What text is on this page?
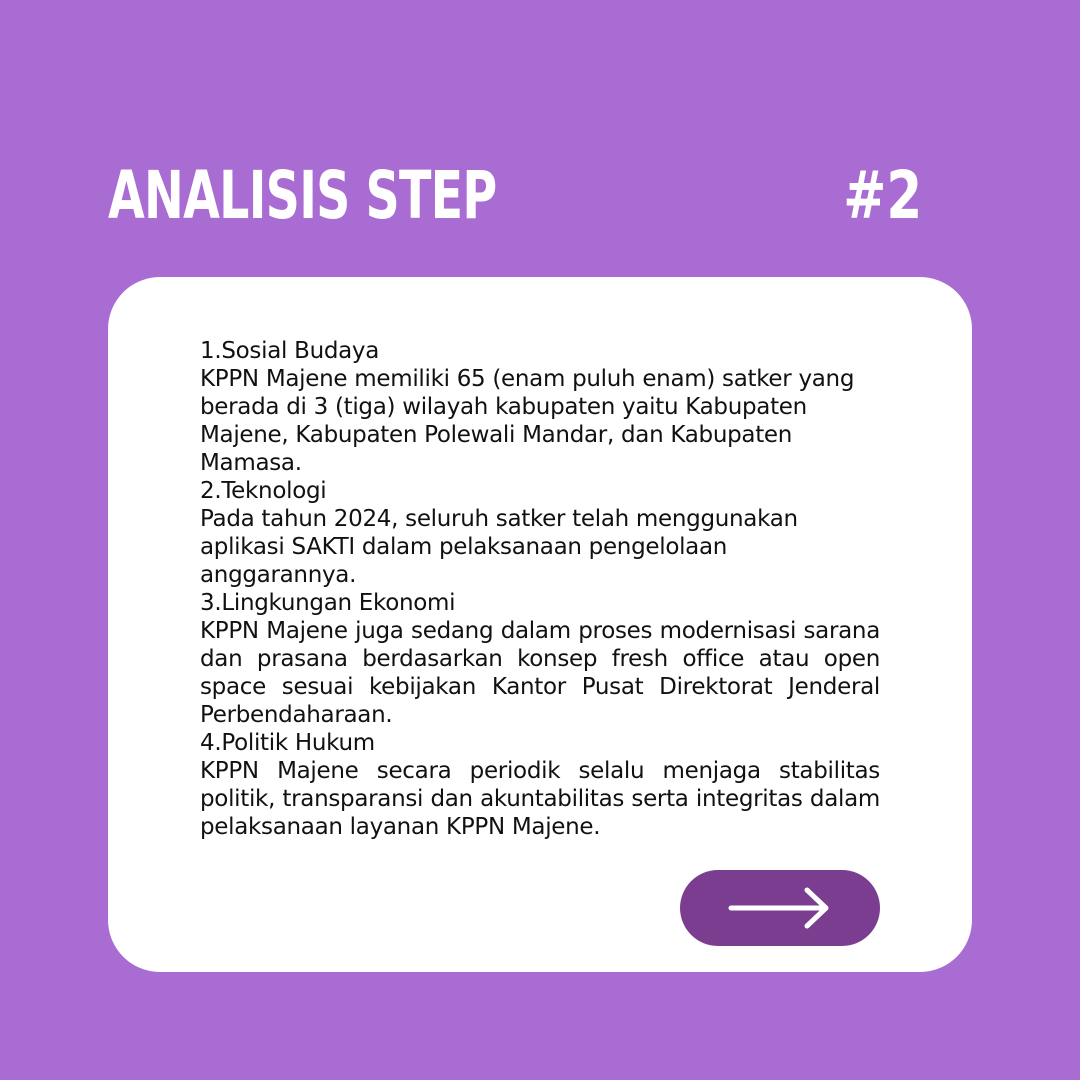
ANALISIS STEP	#2

1.Sosial Budaya

KPPN Majene memiliki 65 (enam puluh enam) satker yang berada di 3 (tiga) wilayah kabupaten yaitu Kabupaten Majene, Kabupaten Polewali Mandar, dan Kabupaten Mamasa.

2.Teknologi

Pada tahun 2024, seluruh satker telah menggunakan aplikasi SAKTI dalam pelaksanaan pengelolaan anggarannya.

3.Lingkungan Ekonomi

KPPN Majene juga sedang dalam proses modernisasi sarana dan prasana berdasarkan konsep fresh office atau open space sesuai kebijakan Kantor Pusat Direktorat Jenderal Perbendaharaan.

4.Politik Hukum

KPPN Majene secara periodik selalu menjaga stabilitas politik, transparansi dan akuntabilitas serta integritas dalam pelaksanaan layanan KPPN Majene.
